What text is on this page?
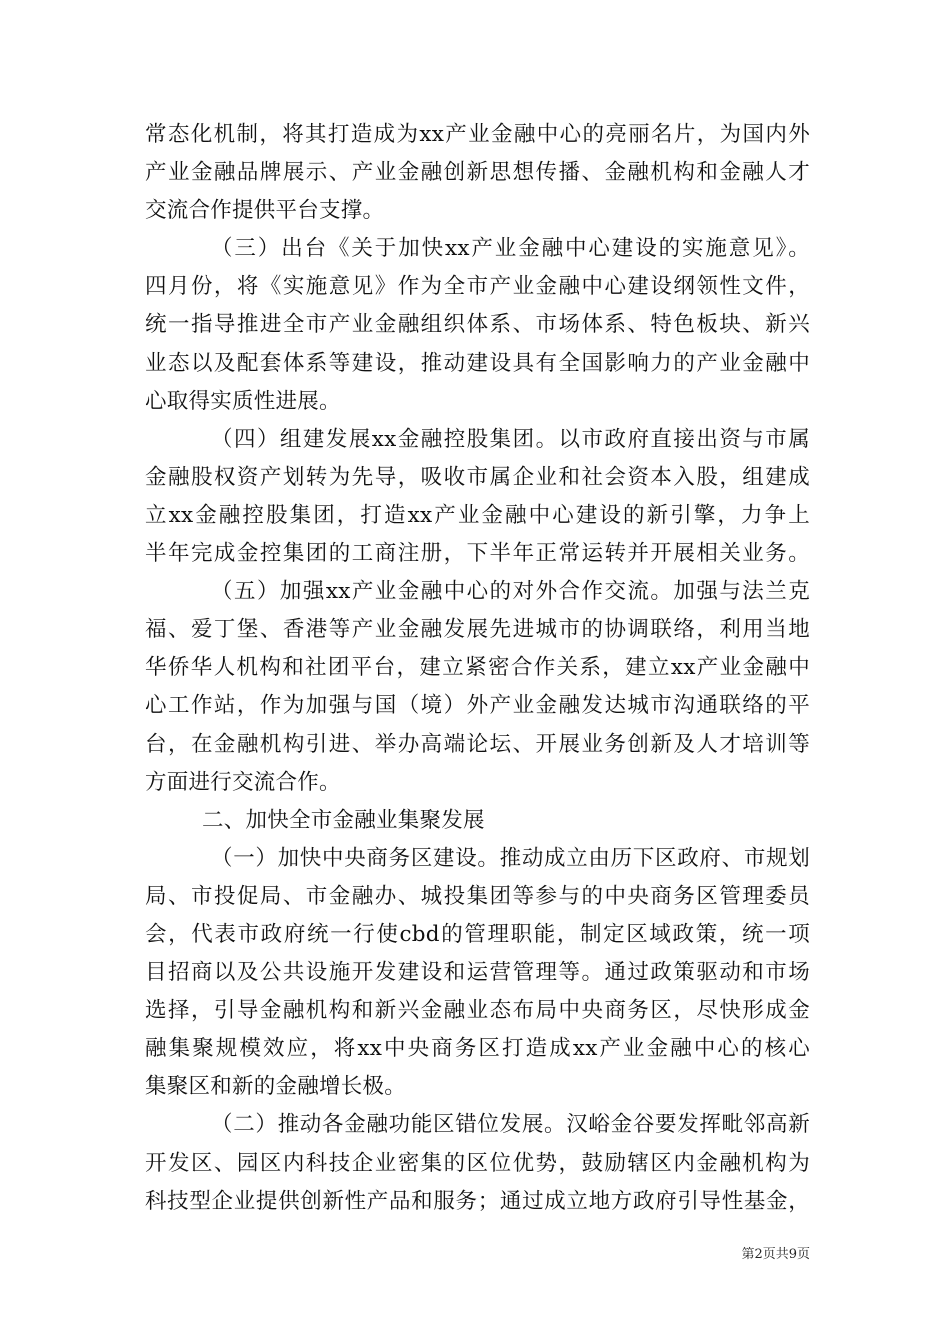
常态化机制，将其打造成为xx产业金融中心的亮丽名片，为国内外
产业金融品牌展示、产业金融创新思想传播、金融机构和金融人才
交流合作提供平台支撑。
（三）出台《关于加快xx产业金融中心建设的实施意见》。
四月份，将《实施意见》作为全市产业金融中心建设纲领性文件，
统一指导推进全市产业金融组织体系、市场体系、特色板块、新兴
业态以及配套体系等建设，推动建设具有全国影响力的产业金融中
心取得实质性进展。
（四）组建发展xx金融控股集团。以市政府直接出资与市属
金融股权资产划转为先导，吸收市属企业和社会资本入股，组建成
立xx金融控股集团，打造xx产业金融中心建设的新引擎，力争上
半年完成金控集团的工商注册，下半年正常运转并开展相关业务。
（五）加强xx产业金融中心的对外合作交流。加强与法兰克
福、爱丁堡、香港等产业金融发展先进城市的协调联络，利用当地
华侨华人机构和社团平台，建立紧密合作关系，建立xx产业金融中
心工作站，作为加强与国（境）外产业金融发达城市沟通联络的平
台，在金融机构引进、举办高端论坛、开展业务创新及人才培训等
方面进行交流合作。
二、加快全市金融业集聚发展
（一）加快中央商务区建设。推动成立由历下区政府、市规划
局、市投促局、市金融办、城投集团等参与的中央商务区管理委员
会，代表市政府统一行使cbd的管理职能，制定区域政策，统一项
目招商以及公共设施开发建设和运营管理等。通过政策驱动和市场
选择，引导金融机构和新兴金融业态布局中央商务区，尽快形成金
融集聚规模效应，将xx中央商务区打造成xx产业金融中心的核心
集聚区和新的金融增长极。
（二）推动各金融功能区错位发展。汉峪金谷要发挥毗邻高新
开发区、园区内科技企业密集的区位优势，鼓励辖区内金融机构为
科技型企业提供创新性产品和服务；通过成立地方政府引导性基金，
第2页共9页
